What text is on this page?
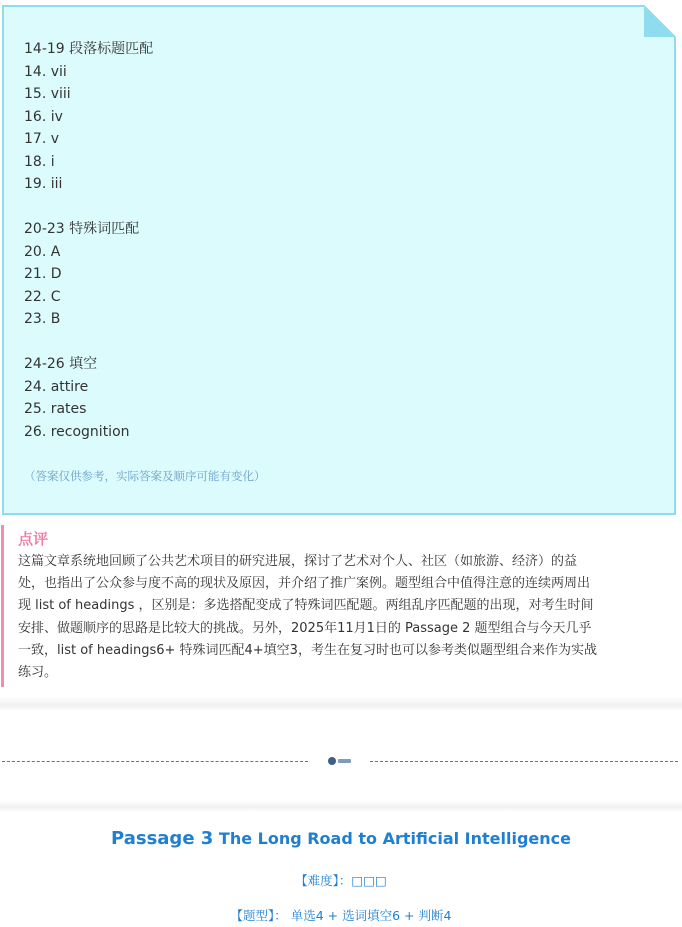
14-19 段落标题匹配
14. vii
15. viii
16. iv
17. v
18. i
19. iii
20-23 特殊词匹配
20. A
21. D
22. C
23. B
24-26 填空
24. attire
25. rates
26. recognition
（答案仅供参考，实际答案及顺序可能有变化）
点评
这篇文章系统地回顾了公共艺术项目的研究进展，探讨了艺术对个人、社区（如旅游、经济）的益
处，也指出了公众参与度不高的现状及原因，并介绍了推广案例。题型组合中值得注意的连续两周出
现 list of headings ，区别是：多选搭配变成了特殊词匹配题。两组乱序匹配题的出现，对考生时间
安排、做题顺序的思路是比较大的挑战。另外，2025年11月1日的 Passage 2 题型组合与今天几乎
一致，list of headings6+ 特殊词匹配4+填空3，考生在复习时也可以参考类似题型组合来作为实战
练习。
Passage 3 The Long Road to Artificial Intelligence
【难度】：□□□
【题型】： 单选4 + 选词填空6 + 判断4
